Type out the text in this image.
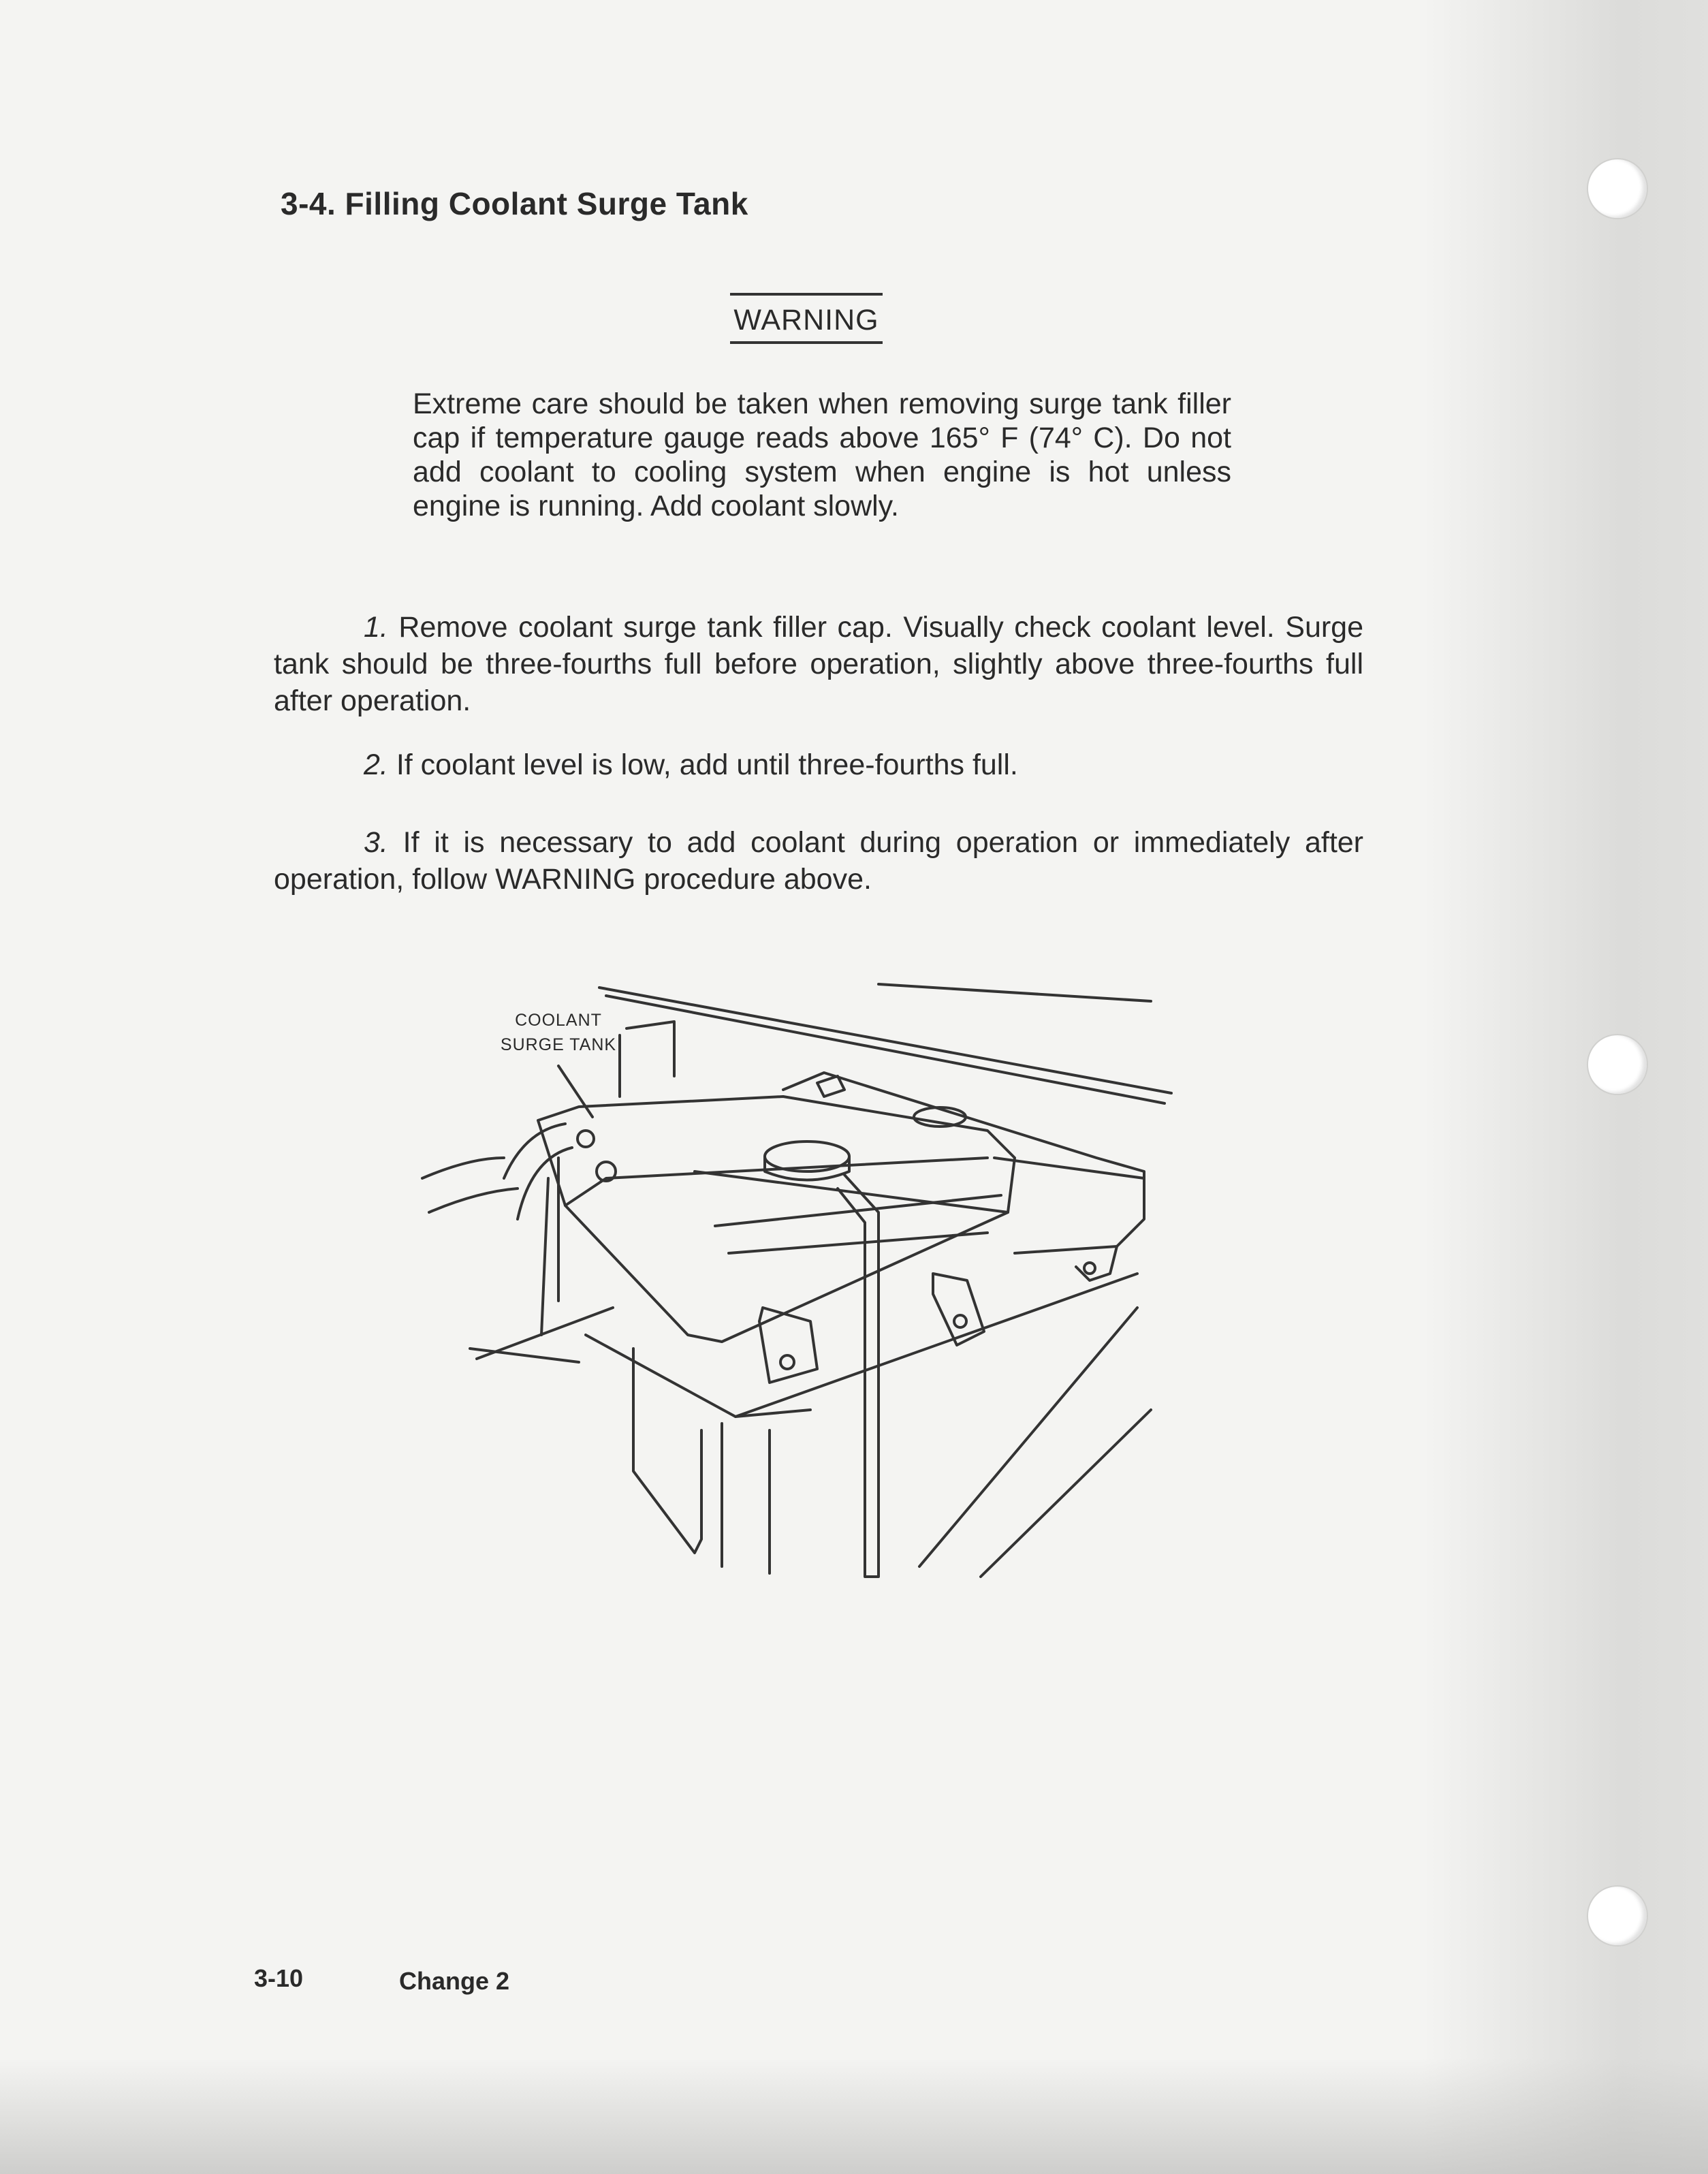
3-4. Filling Coolant Surge Tank
WARNING

Extreme care should be taken when removing surge tank filler cap if temperature gauge reads above 165° F (74° C). Do not add coolant to cooling system when engine is hot unless engine is running. Add coolant slowly.

1. Remove coolant surge tank filler cap. Visually check coolant level. Surge tank should be three-fourths full before operation, slightly above three-fourths full after operation.

2. If coolant level is low, add until three-fourths full.

3. If it is necessary to add coolant during operation or immediately after operation, follow WARNING procedure above.

COOLANT
SURGE TANK
3-10	Change 2
